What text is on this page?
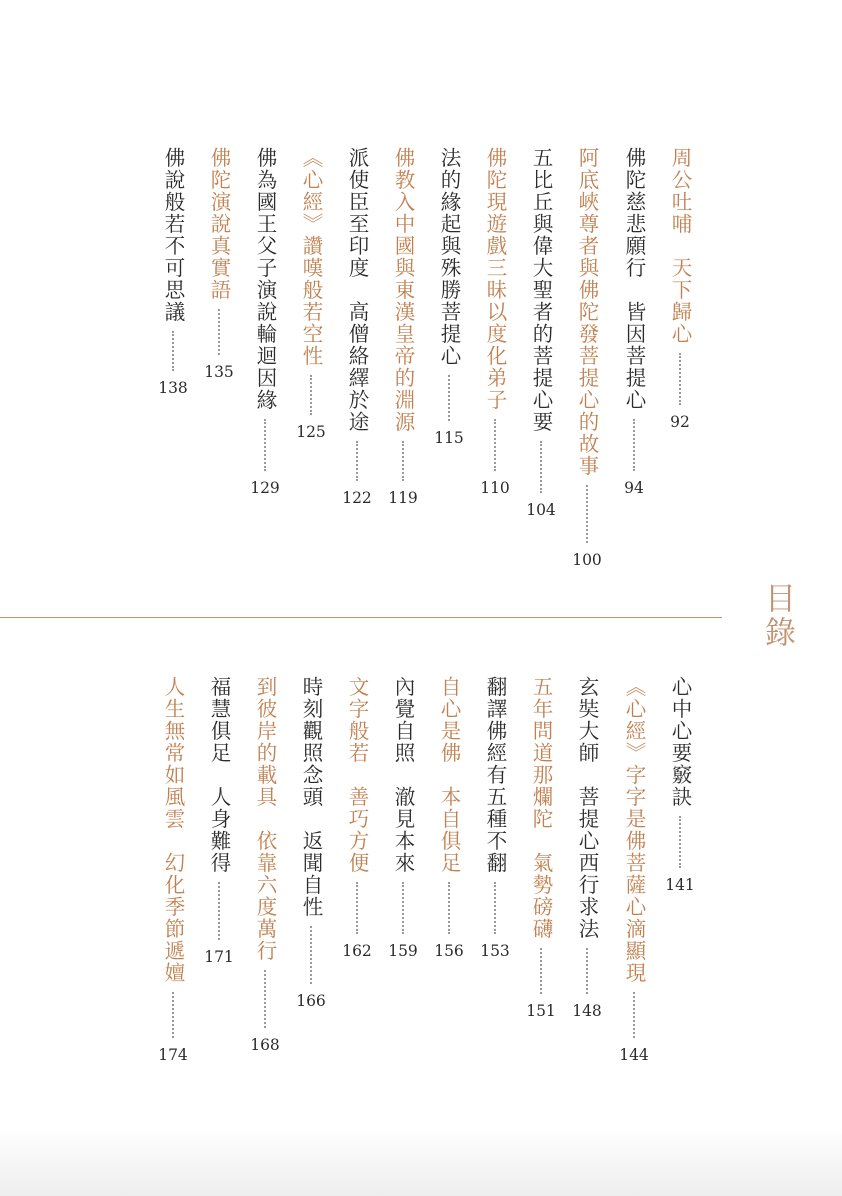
目錄
周公吐哺　天下歸心
92
佛陀慈悲願行　皆因菩提心
94
阿底峽尊者與佛陀發菩提心的故事
100
五比丘與偉大聖者的菩提心要
104
佛陀現遊戲三昧以度化弟子
110
法的緣起與殊勝菩提心
115
佛教入中國與東漢皇帝的淵源
119
派使臣至印度　高僧絡繹於途
122
《心經》讚嘆般若空性
125
佛為國王父子演說輪迴因緣
129
佛陀演說真實語
135
佛說般若不可思議
138
心中心要竅訣
141
《心經》字字是佛菩薩心滴顯現
144
玄奘大師　菩提心西行求法
148
五年問道那爛陀　氣勢磅礴
151
翻譯佛經有五種不翻
153
自心是佛　本自俱足
156
內覺自照　澈見本來
159
文字般若　善巧方便
162
時刻觀照念頭　返聞自性
166
到彼岸的載具　依靠六度萬行
168
福慧俱足　人身難得
171
人生無常如風雲　幻化季節遞嬗
174
